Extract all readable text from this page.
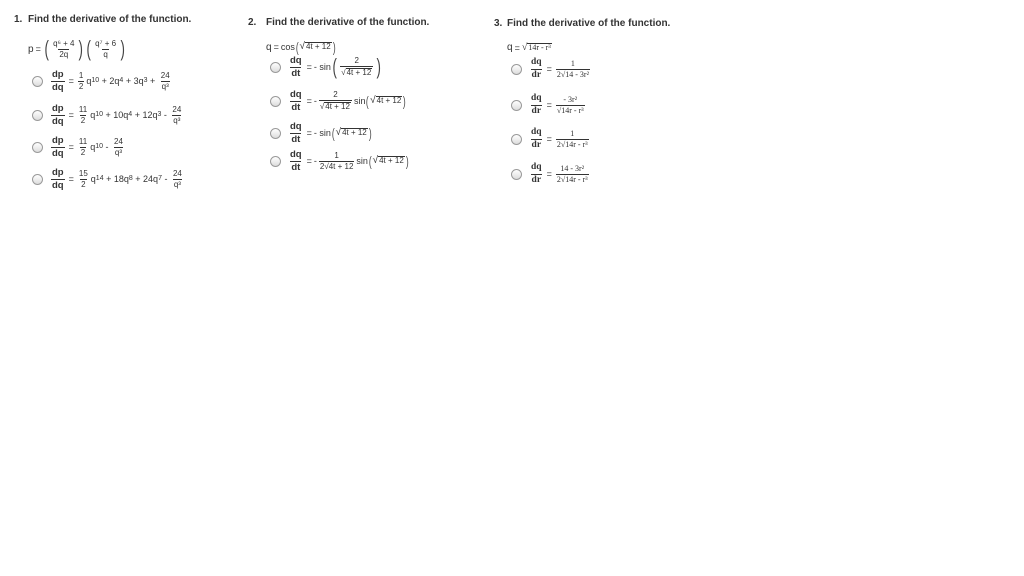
1. Find the derivative of the function.
p = ( $\frac{\text{q⁶ + 4}}{2q}$ ) ( $\frac{\text{q⁷ + 6}}{q}$ )
$\frac{dp}{dq} = \frac{1}{2}$ q 10 + 2q 4 + 3q $3 + \frac{24}{\text{q³}}$
$\frac{dp}{dq} = \frac{11}{2}$ q 10 + 10q 4 + 12q $3 - \frac{24}{\text{q³}}$
$\frac{dp}{dq} = \frac{11}{2}$ q $10 - \frac{24}{\text{q³}}$
$\frac{dp}{dq} = \frac{15}{2}$ q 14 + 18q 8 + 24q $7 - \frac{24}{\text{q³}}$
2. Find the derivative of the function.
q = cos ( √ 4t + 12 )
$\frac{dq}{dt}$ = - sin ( $\frac{2}{√ 4t + 12}$ )
$\frac{dq}{dt}$ = - $\frac{2}{√ 4t + 12}$ sin ( √ 4t + 12 )
$\frac{dq}{dt}$ = - sin ( √ 4t + 12 )
$\frac{dq}{dt}$ = - $\frac{1}{2√4t + 12}$ sin ( √ 4t + 12 )
3. Find the derivative of the function.
q = √ 14r - r³
$\frac{dq}{dr} = \frac{1}{\text{2√14 - 3r²}}$
$\frac{dq}{dr} = \frac{\text{- 3r²}}{\text{√14r - r³}}$
$\frac{dq}{dr} = \frac{1}{\text{2√14r - r³}}$
$\frac{dq}{dr} = \frac{\text{14 - 3r²}}{\text{2√14r - r³}}$
